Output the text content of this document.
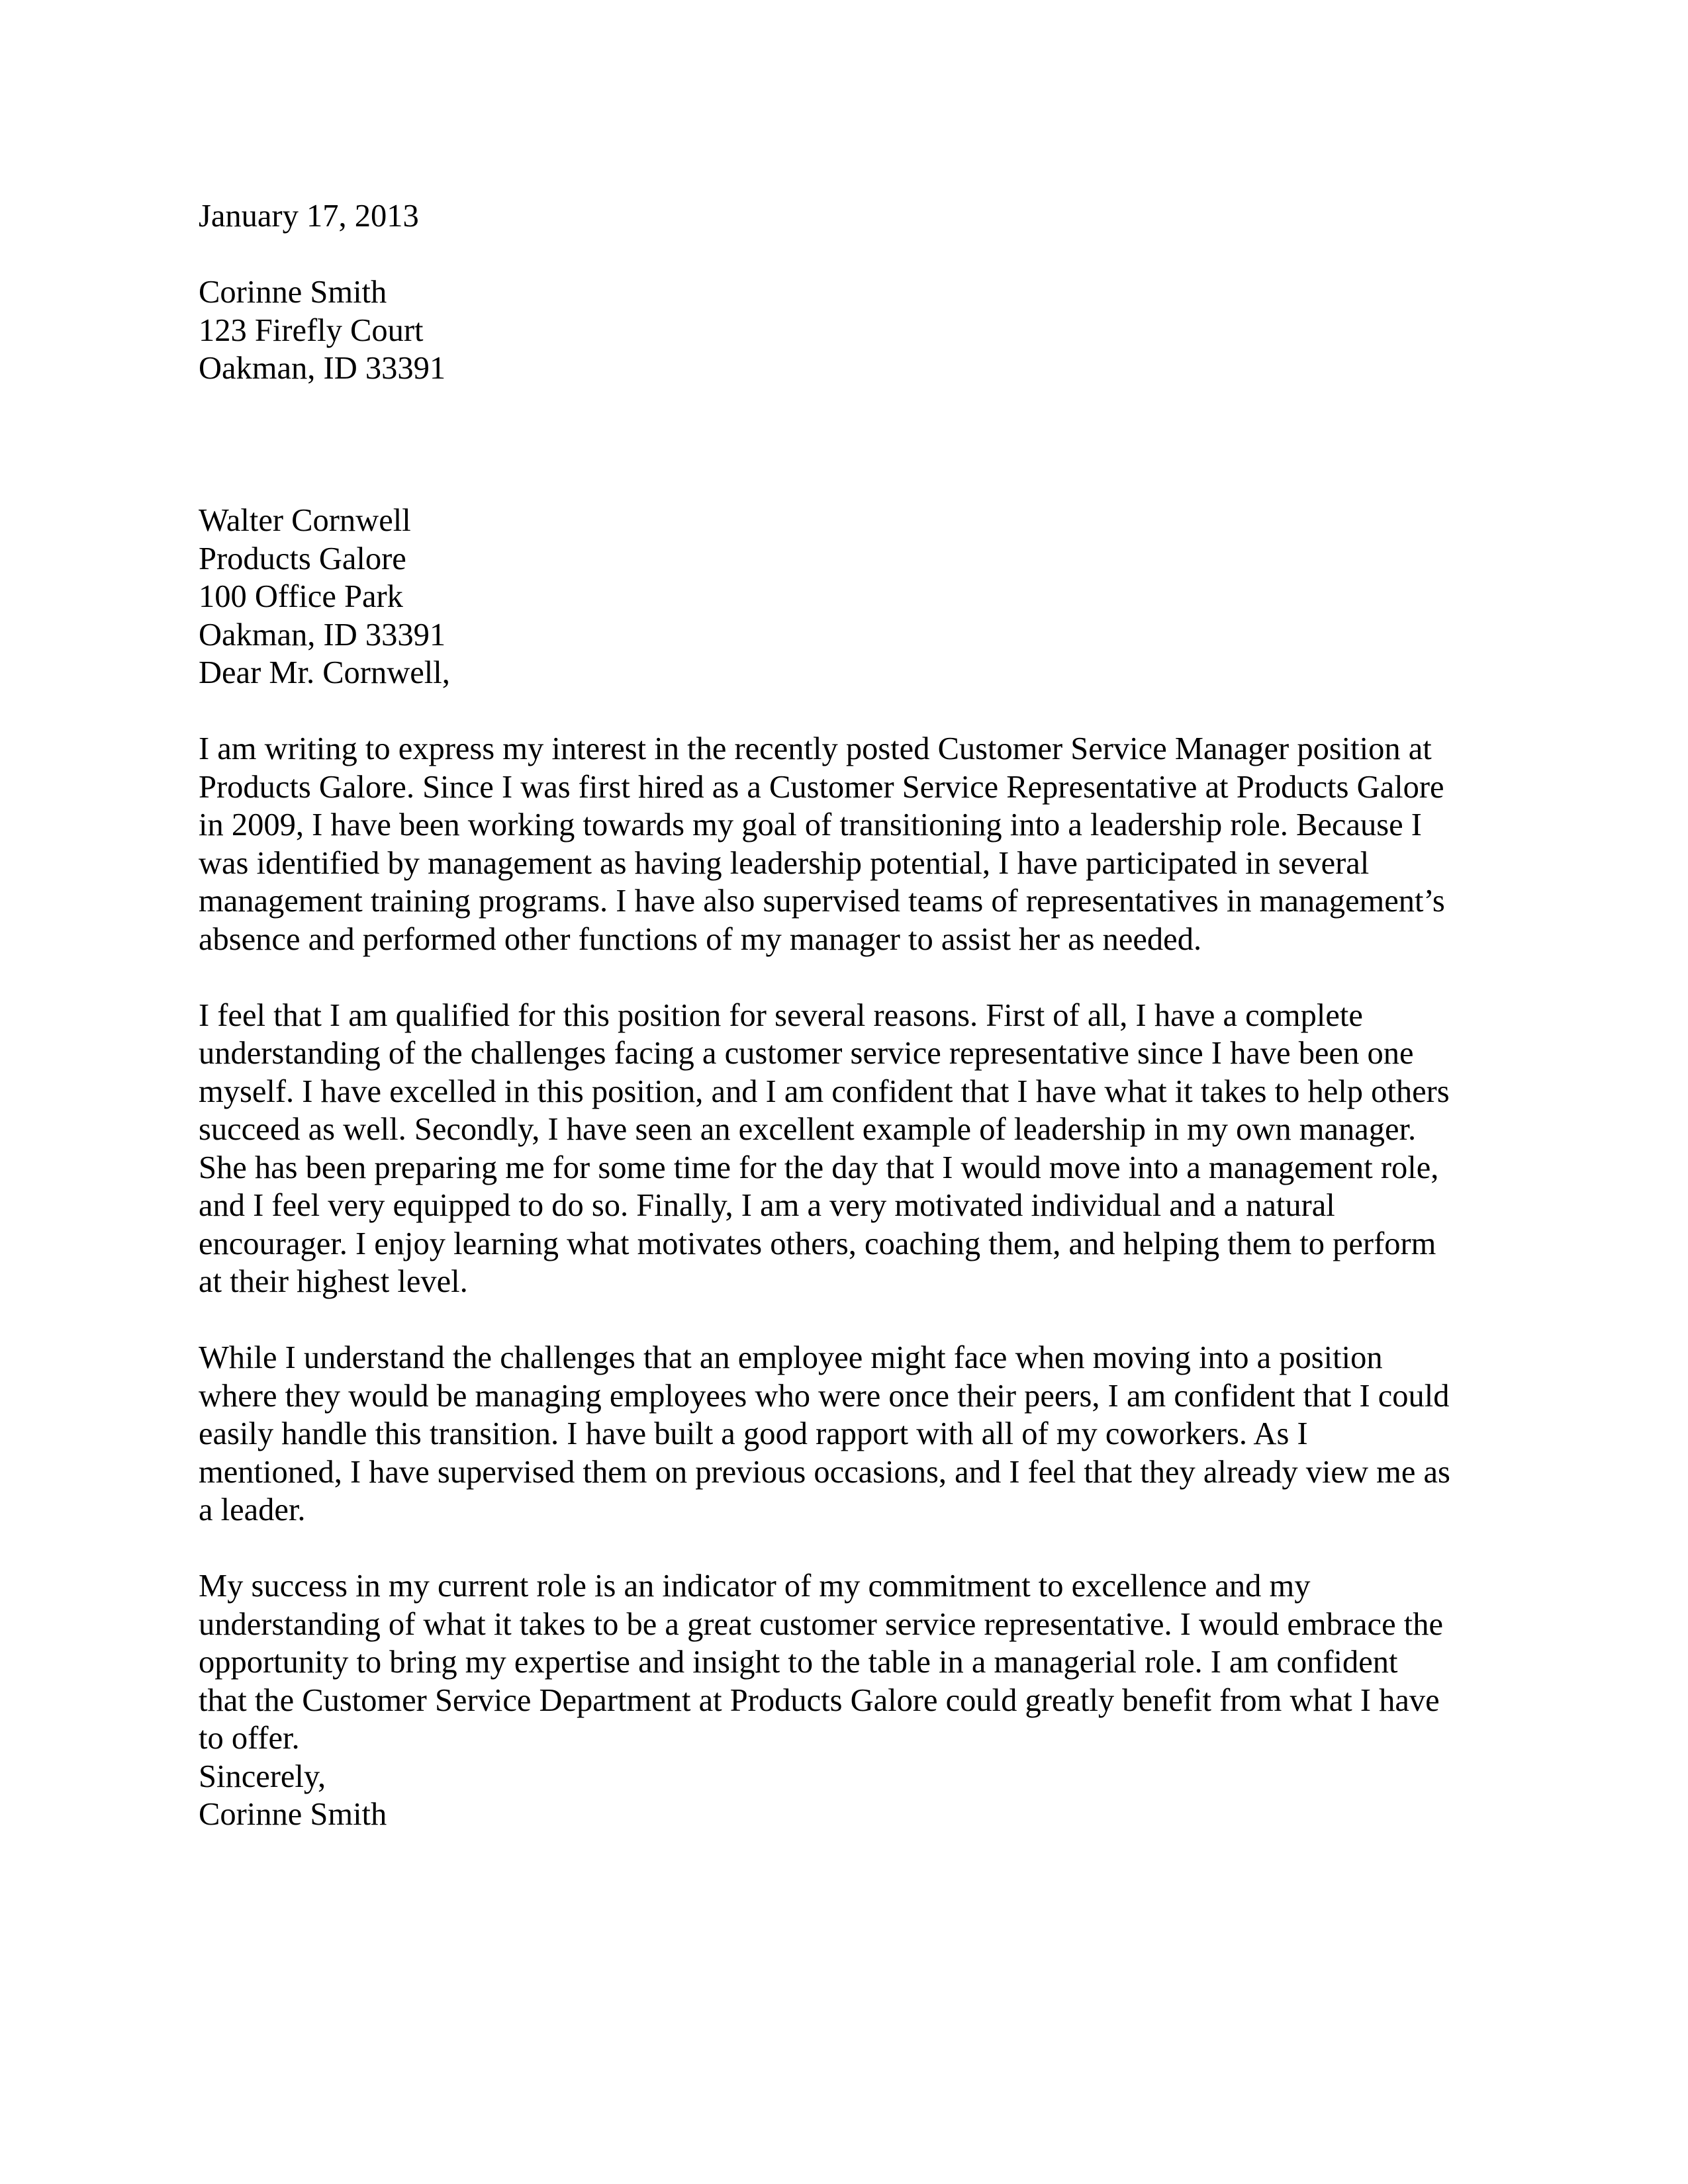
January 17, 2013

Corinne Smith
123 Firefly Court
Oakman, ID 33391
Walter Cornwell
Products Galore
100 Office Park
Oakman, ID 33391

Dear Mr. Cornwell,

I am writing to express my interest in the recently posted Customer Service Manager position at
Products Galore. Since I was first hired as a Customer Service Representative at Products Galore
in 2009, I have been working towards my goal of transitioning into a leadership role. Because I
was identified by management as having leadership potential, I have participated in several
management training programs. I have also supervised teams of representatives in management’s
absence and performed other functions of my manager to assist her as needed.
I feel that I am qualified for this position for several reasons. First of all, I have a complete
understanding of the challenges facing a customer service representative since I have been one
myself. I have excelled in this position, and I am confident that I have what it takes to help others
succeed as well. Secondly, I have seen an excellent example of leadership in my own manager.
She has been preparing me for some time for the day that I would move into a management role,
and I feel very equipped to do so. Finally, I am a very motivated individual and a natural
encourager. I enjoy learning what motivates others, coaching them, and helping them to perform
at their highest level.
While I understand the challenges that an employee might face when moving into a position
where they would be managing employees who were once their peers, I am confident that I could
easily handle this transition. I have built a good rapport with all of my coworkers. As I
mentioned, I have supervised them on previous occasions, and I feel that they already view me as
a leader.
My success in my current role is an indicator of my commitment to excellence and my
understanding of what it takes to be a great customer service representative. I would embrace the
opportunity to bring my expertise and insight to the table in a managerial role. I am confident
that the Customer Service Department at Products Galore could greatly benefit from what I have
to offer.

Sincerely,

Corinne Smith
